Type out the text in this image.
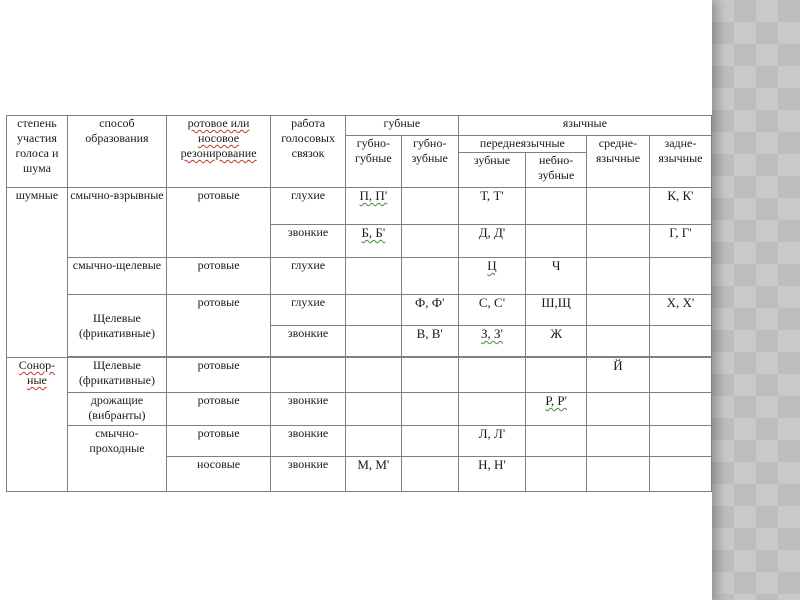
степень участия голоса и шума	способ образования	ротовое или носовое резонирование	работа голосовых связок	губные		язычные			
				губно-губные	губно-зубные	переднеязычные		средне-язычные	задне-язычные
						зубные	небно-зубные		
шумные	смычно-взрывные	ротовые	глухие	П, П'		Т, Т'			К, К'
			звонкие	Б, Б'		Д, Д'			Г, Г'
	смычно-щелевые	ротовые	глухие			Ц	Ч		
	Щелевые (фрикативные)	ротовые	глухие		Ф, Ф'	С, С'	Ш,Щ		Х, Х'
			звонкие		В, В'	З, З'	Ж		

Сонор-ные	Щелевые (фрикативные)	ротовые						Й	
	дрожащие (вибранты)	ротовые	звонкие				Р, Р'		
	смычно-проходные	ротовые	звонкие			Л, Л'			
		носовые	звонкие	М, М'		Н, Н'			
